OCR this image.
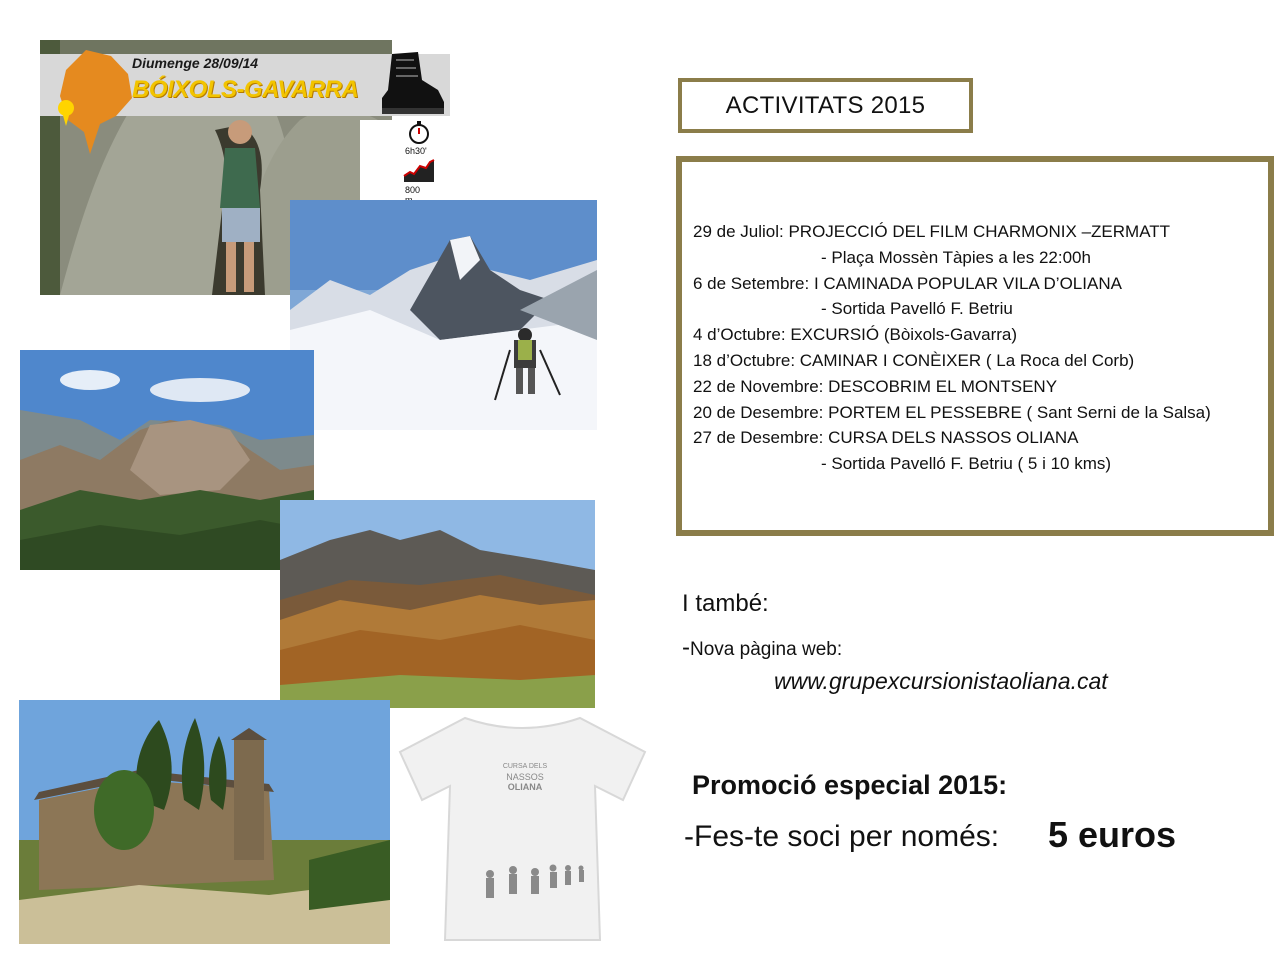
Diumenge 28/09/14
BÓIXOLS-GAVARRA
6h30'
800
CURSA DELS
NASSOS
OLIANA
ACTIVITATS 2015
29 de Juliol: PROJECCIÓ DEL FILM CHARMONIX –ZERMATT
- Plaça Mossèn Tàpies a les 22:00h
6 de Setembre: I CAMINADA POPULAR VILA D’OLIANA
- Sortida Pavelló F. Betriu
4 d’Octubre: EXCURSIÓ (Bòixols-Gavarra)
18 d’Octubre: CAMINAR I CONÈIXER ( La Roca del Corb)
22 de Novembre: DESCOBRIM EL MONTSENY
20 de Desembre: PORTEM EL PESSEBRE ( Sant Serni de la Salsa)
27 de Desembre: CURSA DELS NASSOS OLIANA
- Sortida Pavelló F. Betriu ( 5 i 10 kms)
I també:
-Nova pàgina web:
www.grupexcursionistaoliana.cat
Promoció especial 2015:
-Fes-te soci per només: 5 euros
